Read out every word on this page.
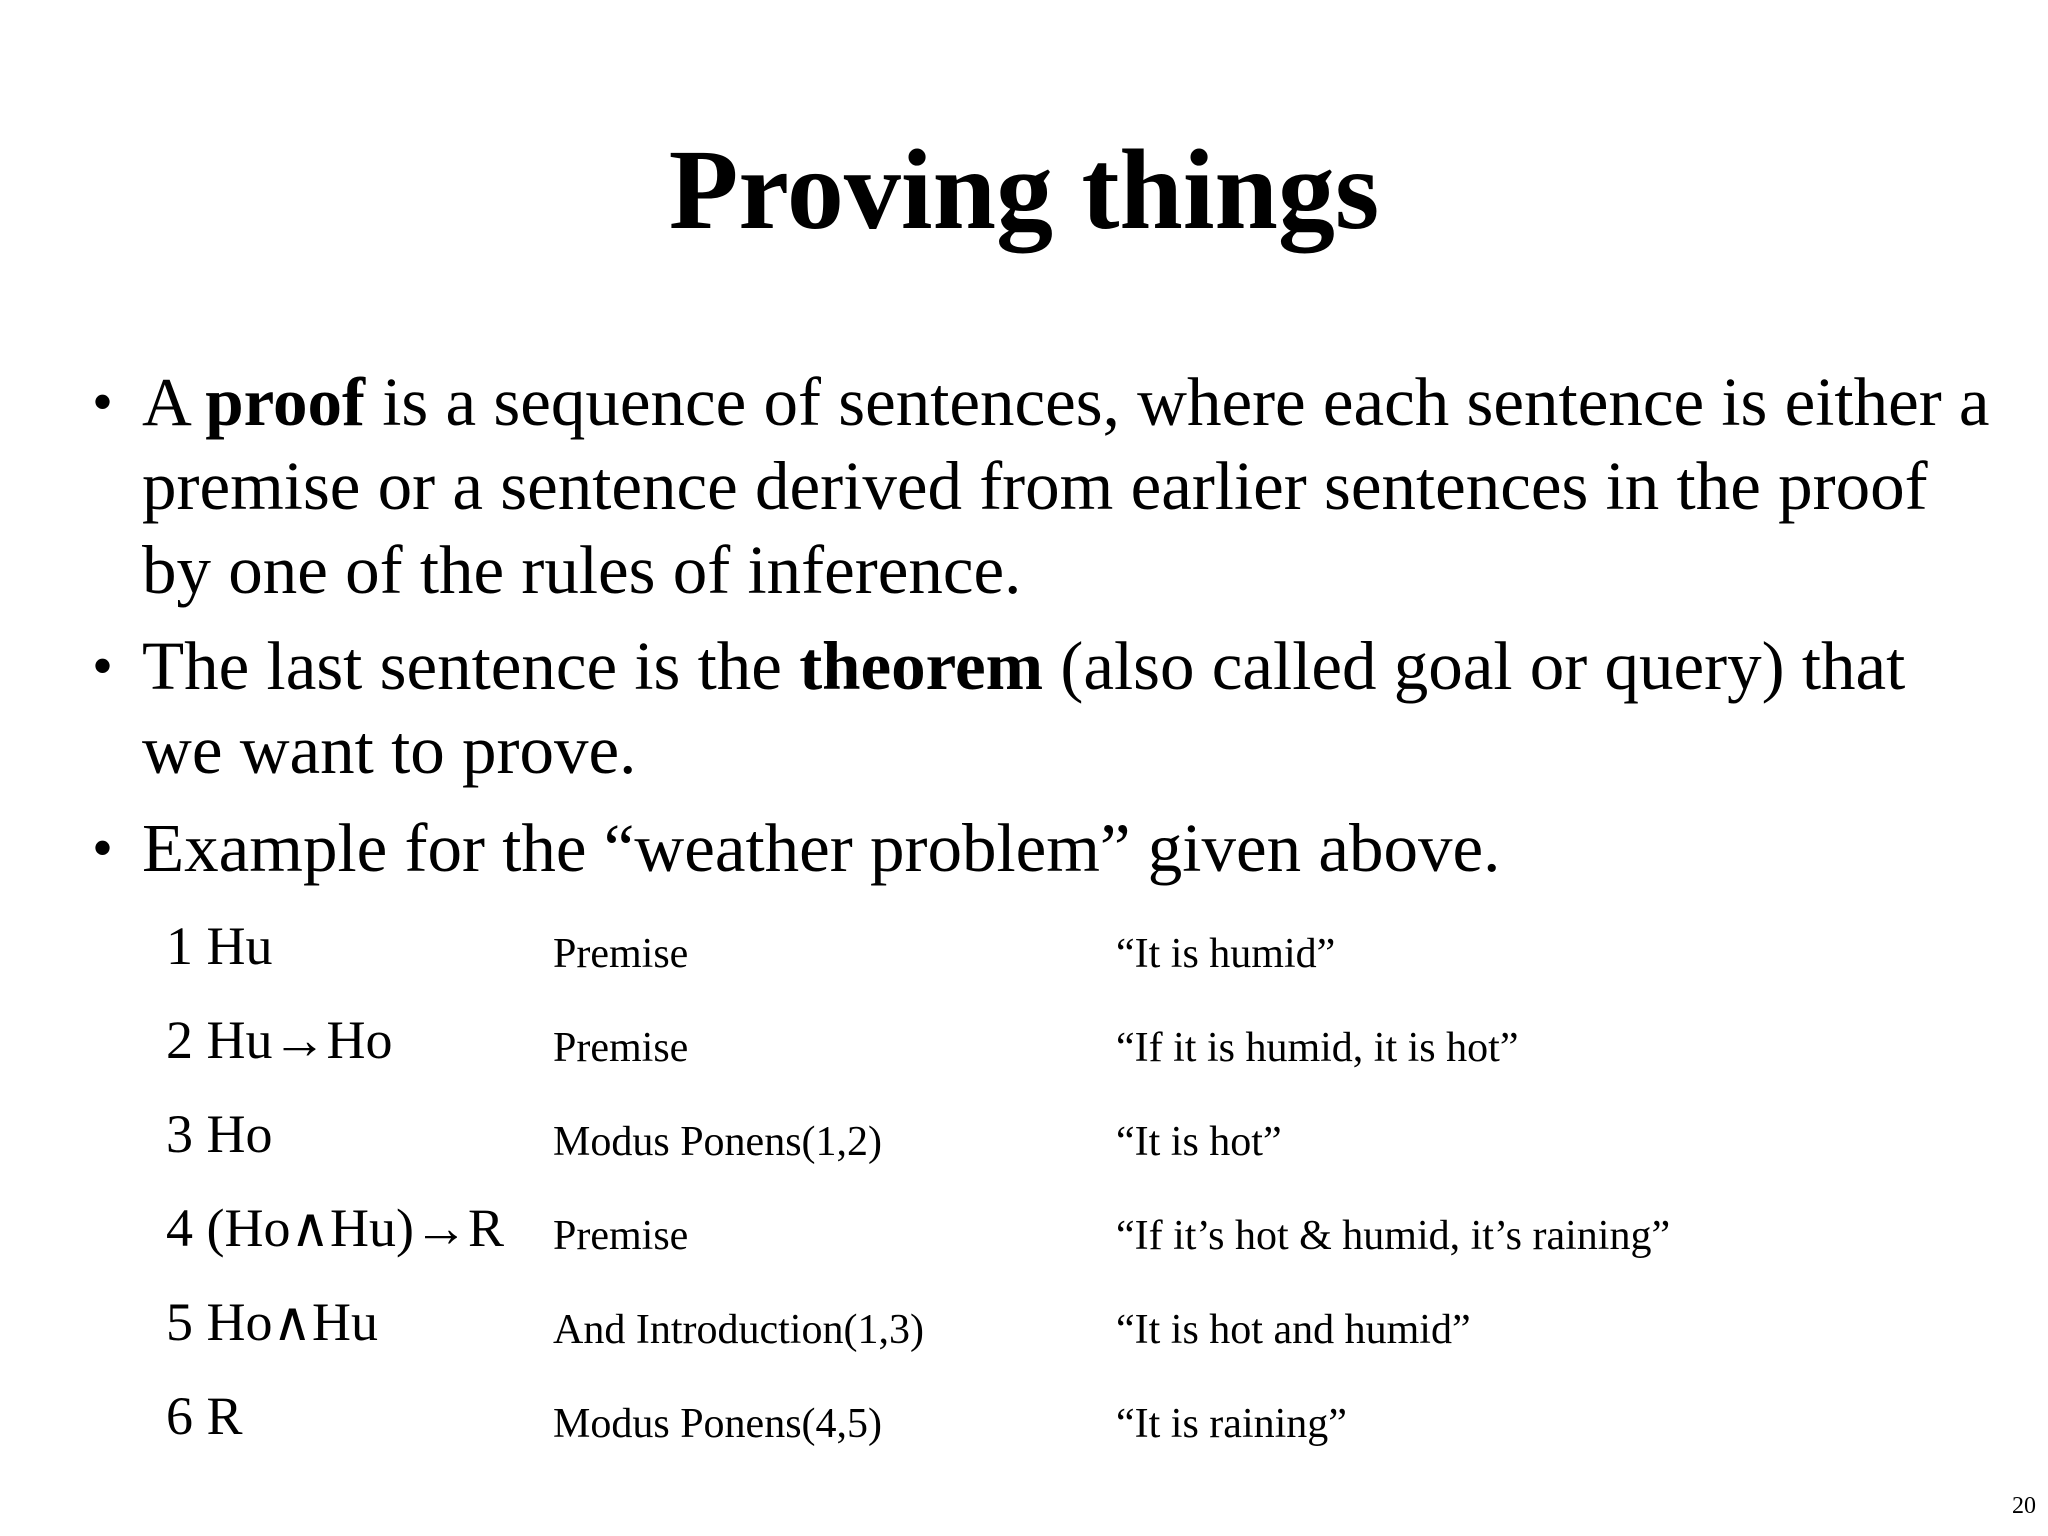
Proving things
• A proof is a sequence of sentences, where each sentence is either a premise or a sentence derived from earlier sentences in the proof by one of the rules of inference.
• The last sentence is the theorem (also called goal or query) that we want to prove.
• Example for the “weather problem” given above.
1 Hu	Premise	“It is humid”
2 Hu→Ho	Premise	“If it is humid, it is hot”
3 Ho	Modus Ponens(1,2)	“It is hot”
4 (Ho∧Hu)→R Premise	“If it’s hot & humid, it’s raining”
5 Ho∧Hu	And Introduction(1,3)	“It is hot and humid”
6 R	Modus Ponens(4,5)	“It is raining”
20
